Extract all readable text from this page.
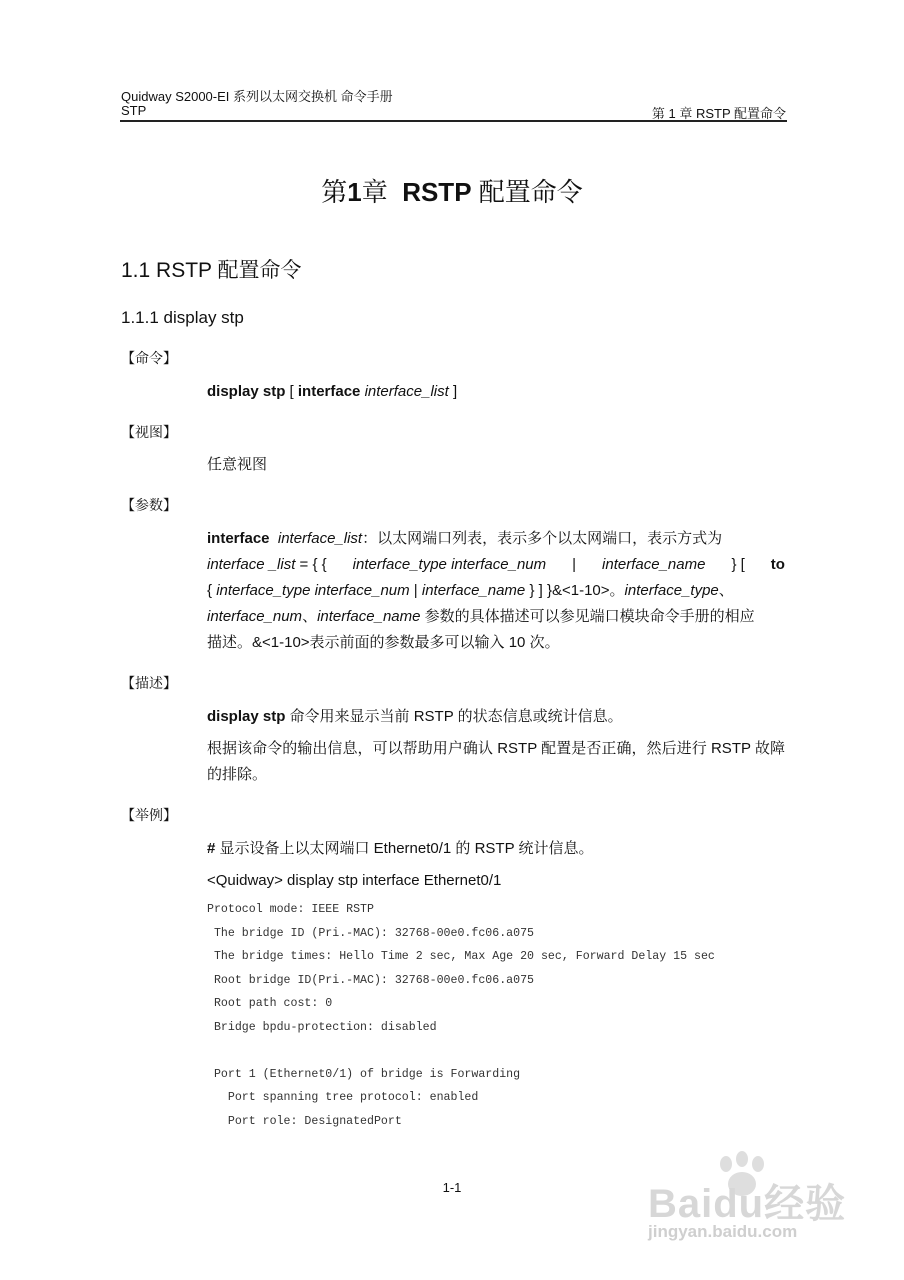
Quidway S2000-EI 系列以太网交换机 命令手册
STP	第 1 章 RSTP 配置命令
第1章 RSTP 配置命令
1.1 RSTP 配置命令
1.1.1 display stp
【命令】
display stp [ interface interface_list ]
【视图】
任意视图
【参数】
interface interface_list：以太网端口列表，表示多个以太网端口，表示方式为
interface _list = { { interface_type interface_num | interface_name } [ to
{ interface_type interface_num | interface_name } ] }&<1-10>。interface_type、
interface_num、interface_name 参数的具体描述可以参见端口模块命令手册的相应
描述。&<1-10>表示前面的参数最多可以输入 10 次。
【描述】
display stp 命令用来显示当前 RSTP 的状态信息或统计信息。
根据该命令的输出信息，可以帮助用户确认 RSTP 配置是否正确，然后进行 RSTP 故障的排除。
【举例】
# 显示设备上以太网端口 Ethernet0/1 的 RSTP 统计信息。
<Quidway> display stp interface Ethernet0/1
Protocol mode: IEEE RSTP
The bridge ID (Pri.-MAC): 32768-00e0.fc06.a075
The bridge times: Hello Time 2 sec, Max Age 20 sec, Forward Delay 15 sec
Root bridge ID(Pri.-MAC): 32768-00e0.fc06.a075
Root path cost: 0
Bridge bpdu-protection: disabled
Port 1 (Ethernet0/1) of bridge is Forwarding
Port spanning tree protocol: enabled
Port role: DesignatedPort
1-1	Baidu经验
jingyan.baidu.com
